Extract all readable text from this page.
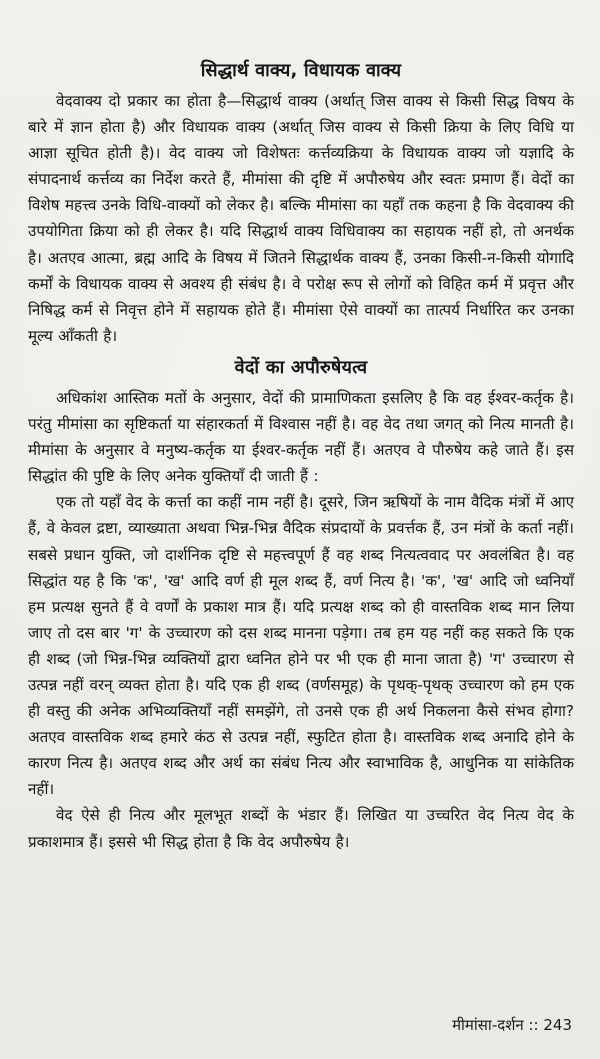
सिद्धार्थ वाक्य, विधायक वाक्य

वेदवाक्य दो प्रकार का होता है—सिद्धार्थ वाक्य (अर्थात् जिस वाक्य से किसी सिद्ध विषय के बारे में ज्ञान होता है) और विधायक वाक्य (अर्थात् जिस वाक्य से किसी क्रिया के लिए विधि या आज्ञा सूचित होती है)। वेद वाक्य जो विशेषतः कर्त्तव्यक्रिया के विधायक वाक्य जो यज्ञादि के संपादनार्थ कर्त्तव्य का निर्देश करते हैं, मीमांसा की दृष्टि में अपौरुषेय और स्वतः प्रमाण हैं। वेदों का विशेष महत्त्व उनके विधि-वाक्यों को लेकर है। बल्कि मीमांसा का यहाँ तक कहना है कि वेदवाक्य की उपयोगिता क्रिया को ही लेकर है। यदि सिद्धार्थ वाक्य विधिवाक्य का सहायक नहीं हो, तो अनर्थक है। अतएव आत्मा, ब्रह्म आदि के विषय में जितने सिद्धार्थक वाक्य हैं, उनका किसी-न-किसी योगादि कर्मों के विधायक वाक्य से अवश्य ही संबंध है। वे परोक्ष रूप से लोगों को विहित कर्म में प्रवृत्त और निषिद्ध कर्म से निवृत्त होने में सहायक होते हैं। मीमांसा ऐसे वाक्यों का तात्पर्य निर्धारित कर उनका मूल्य आँकती है।

वेदों का अपौरुषेयत्व

अधिकांश आस्तिक मतों के अनुसार, वेदों की प्रामाणिकता इसलिए है कि वह ईश्वर-कर्तृक है। परंतु मीमांसा का सृष्टिकर्ता या संहारकर्ता में विश्वास नहीं है। वह वेद तथा जगत् को नित्य मानती है। मीमांसा के अनुसार वे मनुष्य-कर्तृक या ईश्वर-कर्तृक नहीं हैं। अतएव वे पौरुषेय कहे जाते हैं। इस सिद्धांत की पुष्टि के लिए अनेक युक्तियाँ दी जाती हैं :

एक तो यहाँ वेद के कर्त्ता का कहीं नाम नहीं है। दूसरे, जिन ऋषियों के नाम वैदिक मंत्रों में आए हैं, वे केवल द्रष्टा, व्याख्याता अथवा भिन्न-भिन्न वैदिक संप्रदायों के प्रवर्त्तक हैं, उन मंत्रों के कर्ता नहीं। सबसे प्रधान युक्ति, जो दार्शनिक दृष्टि से महत्त्वपूर्ण हैं वह शब्द नित्यत्ववाद पर अवलंबित है। वह सिद्धांत यह है कि 'क', 'ख' आदि वर्ण ही मूल शब्द हैं, वर्ण नित्य है। 'क', 'ख' आदि जो ध्वनियाँ हम प्रत्यक्ष सुनते हैं वे वर्णों के प्रकाश मात्र हैं। यदि प्रत्यक्ष शब्द को ही वास्तविक शब्द मान लिया जाए तो दस बार 'ग' के उच्चारण को दस शब्द मानना पड़ेगा। तब हम यह नहीं कह सकते कि एक ही शब्द (जो भिन्न-भिन्न व्यक्तियों द्वारा ध्वनित होने पर भी एक ही माना जाता है) 'ग' उच्चारण से उत्पन्न नहीं वरन् व्यक्त होता है। यदि एक ही शब्द (वर्णसमूह) के पृथक्-पृथक् उच्चारण को हम एक ही वस्तु की अनेक अभिव्यक्तियाँ नहीं समझेंगे, तो उनसे एक ही अर्थ निकलना कैसे संभव होगा? अतएव वास्तविक शब्द हमारे कंठ से उत्पन्न नहीं, स्फुटित होता है। वास्तविक शब्द अनादि होने के कारण नित्य है। अतएव शब्द और अर्थ का संबंध नित्य और स्वाभाविक है, आधुनिक या सांकेतिक नहीं।

वेद ऐसे ही नित्य और मूलभूत शब्दों के भंडार हैं। लिखित या उच्चरित वेद नित्य वेद के प्रकाशमात्र हैं। इससे भी सिद्ध होता है कि वेद अपौरुषेय है।

मीमांसा-दर्शन :: 243
